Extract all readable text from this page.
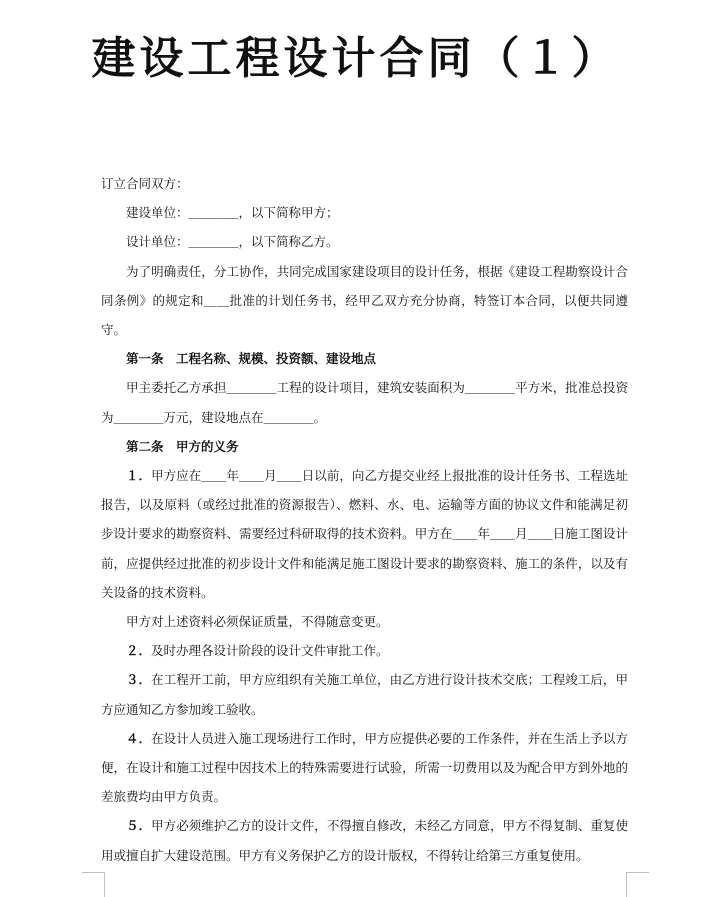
建设工程设计合同（１）

订立合同双方：

建设单位：＿＿＿＿，以下简称甲方；

设计单位：＿＿＿＿，以下简称乙方。

为了明确责任，分工协作，共同完成国家建设项目的设计任务，根据《建设工程勘察设计合同条例》的规定和＿＿批准的计划任务书，经甲乙双方充分协商，特签订本合同，以便共同遵守。

第一条　工程名称、规模、投资额、建设地点

甲主委托乙方承担＿＿＿＿工程的设计项目，建筑安装面积为＿＿＿＿平方米，批准总投资为＿＿＿＿万元，建设地点在＿＿＿＿。

第二条　甲方的义务

１．甲方应在＿＿年＿＿月＿＿日以前，向乙方提交业经上报批准的设计任务书、工程选址报告，以及原料（或经过批准的资源报告）、燃料、水、电、运输等方面的协议文件和能满足初步设计要求的勘察资料、需要经过科研取得的技术资料。甲方在＿＿年＿＿月＿＿日施工图设计前，应提供经过批准的初步设计文件和能满足施工图设计要求的勘察资料、施工的条件，以及有关设备的技术资料。

甲方对上述资料必须保证质量，不得随意变更。

２．及时办理各设计阶段的设计文件审批工作。

３．在工程开工前，甲方应组织有关施工单位，由乙方进行设计技术交底；工程竣工后，甲方应通知乙方参加竣工验收。

４．在设计人员进入施工现场进行工作时，甲方应提供必要的工作条件，并在生活上予以方便，在设计和施工过程中因技术上的特殊需要进行试验，所需一切费用以及为配合甲方到外地的差旅费均由甲方负责。

５．甲方必须维护乙方的设计文件，不得擅自修改，未经乙方同意，甲方不得复制、重复使用或擅自扩大建设范围。甲方有义务保护乙方的设计版权，不得转让给第三方重复使用。
